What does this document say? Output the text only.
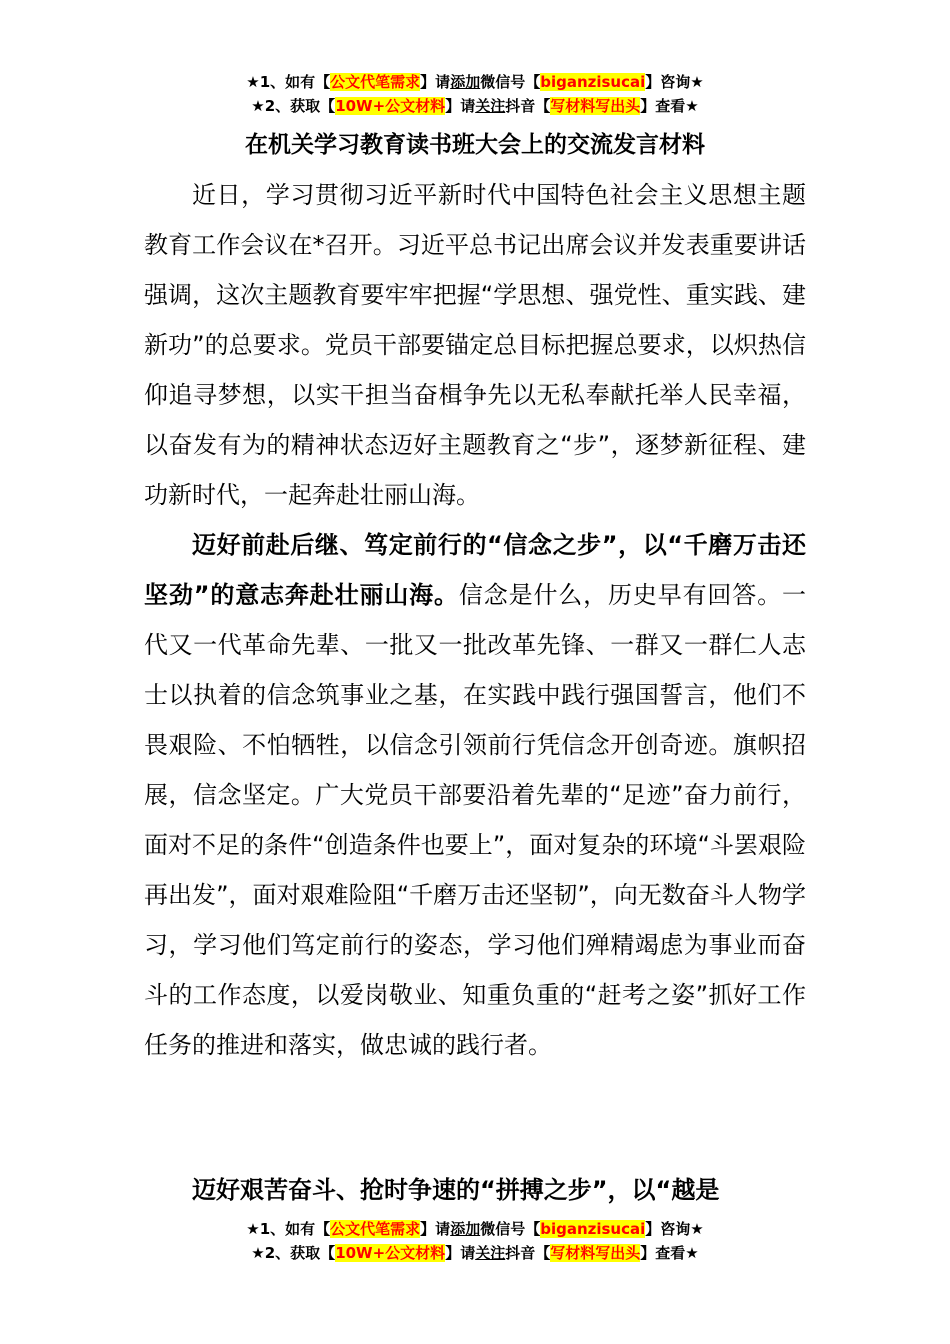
★1、如有【公文代笔需求】请添加微信号【biganzisucai】咨询★
★2、获取【10W+公文材料】请关注抖音【写材料写出头】查看★
在机关学习教育读书班大会上的交流发言材料

近日，学习贯彻习近平新时代中国特色社会主义思想主题教育工作会议在*召开。习近平总书记出席会议并发表重要讲话强调，这次主题教育要牢牢把握“学思想、强党性、重实践、建新功”的总要求。党员干部要锚定总目标把握总要求，以炽热信仰追寻梦想，以实干担当奋楫争先以无私奉献托举人民幸福，以奋发有为的精神状态迈好主题教育之“步”，逐梦新征程、建功新时代，一起奔赴壮丽山海。

迈好前赴后继、笃定前行的“信念之步”，以“千磨万击还坚劲”的意志奔赴壮丽山海。信念是什么，历史早有回答。一代又一代革命先辈、一批又一批改革先锋、一群又一群仁人志士以执着的信念筑事业之基，在实践中践行强国誓言，他们不畏艰险、不怕牺牲，以信念引领前行凭信念开创奇迹。旗帜招展，信念坚定。广大党员干部要沿着先辈的“足迹”奋力前行，面对不足的条件“创造条件也要上”，面对复杂的环境“斗罢艰险再出发”，面对艰难险阻“千磨万击还坚韧”，向无数奋斗人物学习，学习他们笃定前行的姿态，学习他们殚精竭虑为事业而奋斗的工作态度，以爱岗敬业、知重负重的“赶考之姿”抓好工作任务的推进和落实，做忠诚的践行者。

迈好艰苦奋斗、抢时争速的“拼搏之步”，以“越是
★1、如有【公文代笔需求】请添加微信号【biganzisucai】咨询★
★2、获取【10W+公文材料】请关注抖音【写材料写出头】查看★
